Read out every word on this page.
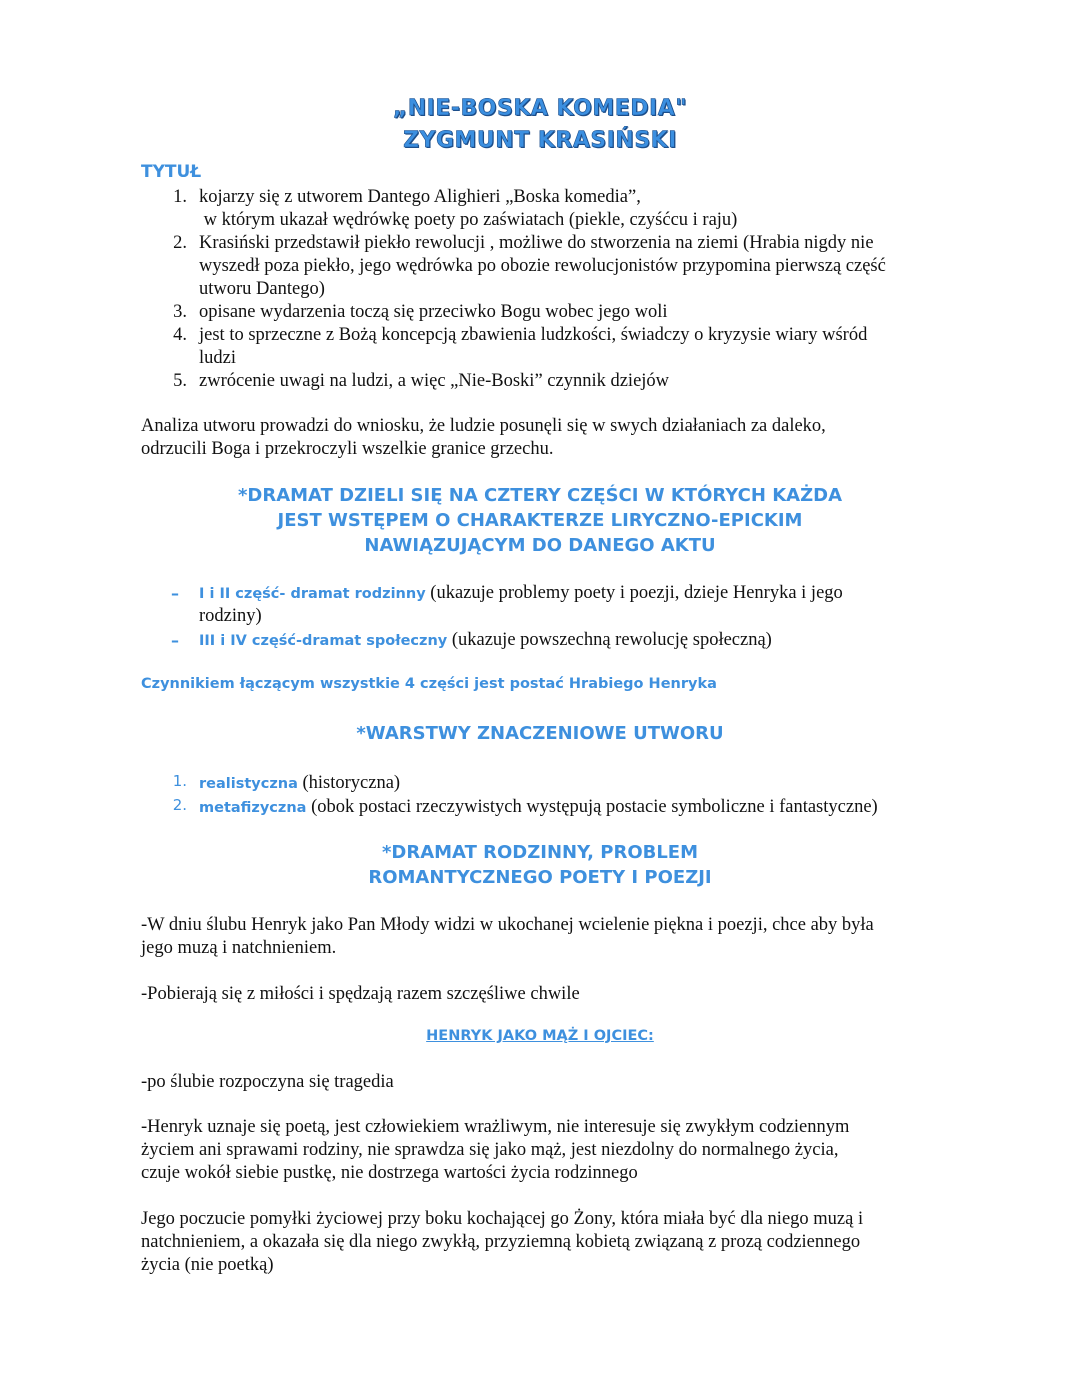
„NIE-BOSKA KOMEDIA"
ZYGMUNT KRASIŃSKI
TYTUŁ
1. kojarzy się z utworem Dantego Alighieri „Boska komedia”,
w którym ukazał wędrówkę poety po zaświatach (piekle, czyśćcu i raju)
2. Krasiński przedstawił piekło rewolucji , możliwe do stworzenia na ziemi (Hrabia nigdy nie
wyszedł poza piekło, jego wędrówka po obozie rewolucjonistów przypomina pierwszą część
utworu Dantego)
3. opisane wydarzenia toczą się przeciwko Bogu wobec jego woli
4. jest to sprzeczne z Bożą koncepcją zbawienia ludzkości, świadczy o kryzysie wiary wśród
ludzi
5. zwrócenie uwagi na ludzi, a więc „Nie-Boski” czynnik dziejów
Analiza utworu prowadzi do wniosku, że ludzie posunęli się w swych działaniach za daleko,
odrzucili Boga i przekroczyli wszelkie granice grzechu.
*DRAMAT DZIELI SIĘ NA CZTERY CZĘŚCI W KTÓRYCH KAŻDA
JEST WSTĘPEM O CHARAKTERZE LIRYCZNO-EPICKIM
NAWIĄZUJĄCYM DO DANEGO AKTU
– I i II część- dramat rodzinny (ukazuje problemy poety i poezji, dzieje Henryka i jego
rodziny)
– III i IV część-dramat społeczny (ukazuje powszechną rewolucję społeczną)
Czynnikiem łączącym wszystkie 4 części jest postać Hrabiego Henryka
*WARSTWY ZNACZENIOWE UTWORU
1. realistyczna (historyczna)
2. metafizyczna (obok postaci rzeczywistych występują postacie symboliczne i fantastyczne)
*DRAMAT RODZINNY, PROBLEM
ROMANTYCZNEGO POETY I POEZJI
-W dniu ślubu Henryk jako Pan Młody widzi w ukochanej wcielenie piękna i poezji, chce aby była
jego muzą i natchnieniem.
-Pobierają się z miłości i spędzają razem szczęśliwe chwile
HENRYK JAKO MĄŻ I OJCIEC:
-po ślubie rozpoczyna się tragedia
-Henryk uznaje się poetą, jest człowiekiem wrażliwym, nie interesuje się zwykłym codziennym
życiem ani sprawami rodziny, nie sprawdza się jako mąż, jest niezdolny do normalnego życia,
czuje wokół siebie pustkę, nie dostrzega wartości życia rodzinnego
Jego poczucie pomyłki życiowej przy boku kochającej go Żony, która miała być dla niego muzą i
natchnieniem, a okazała się dla niego zwykłą, przyziemną kobietą związaną z prozą codziennego
życia (nie poetką)
